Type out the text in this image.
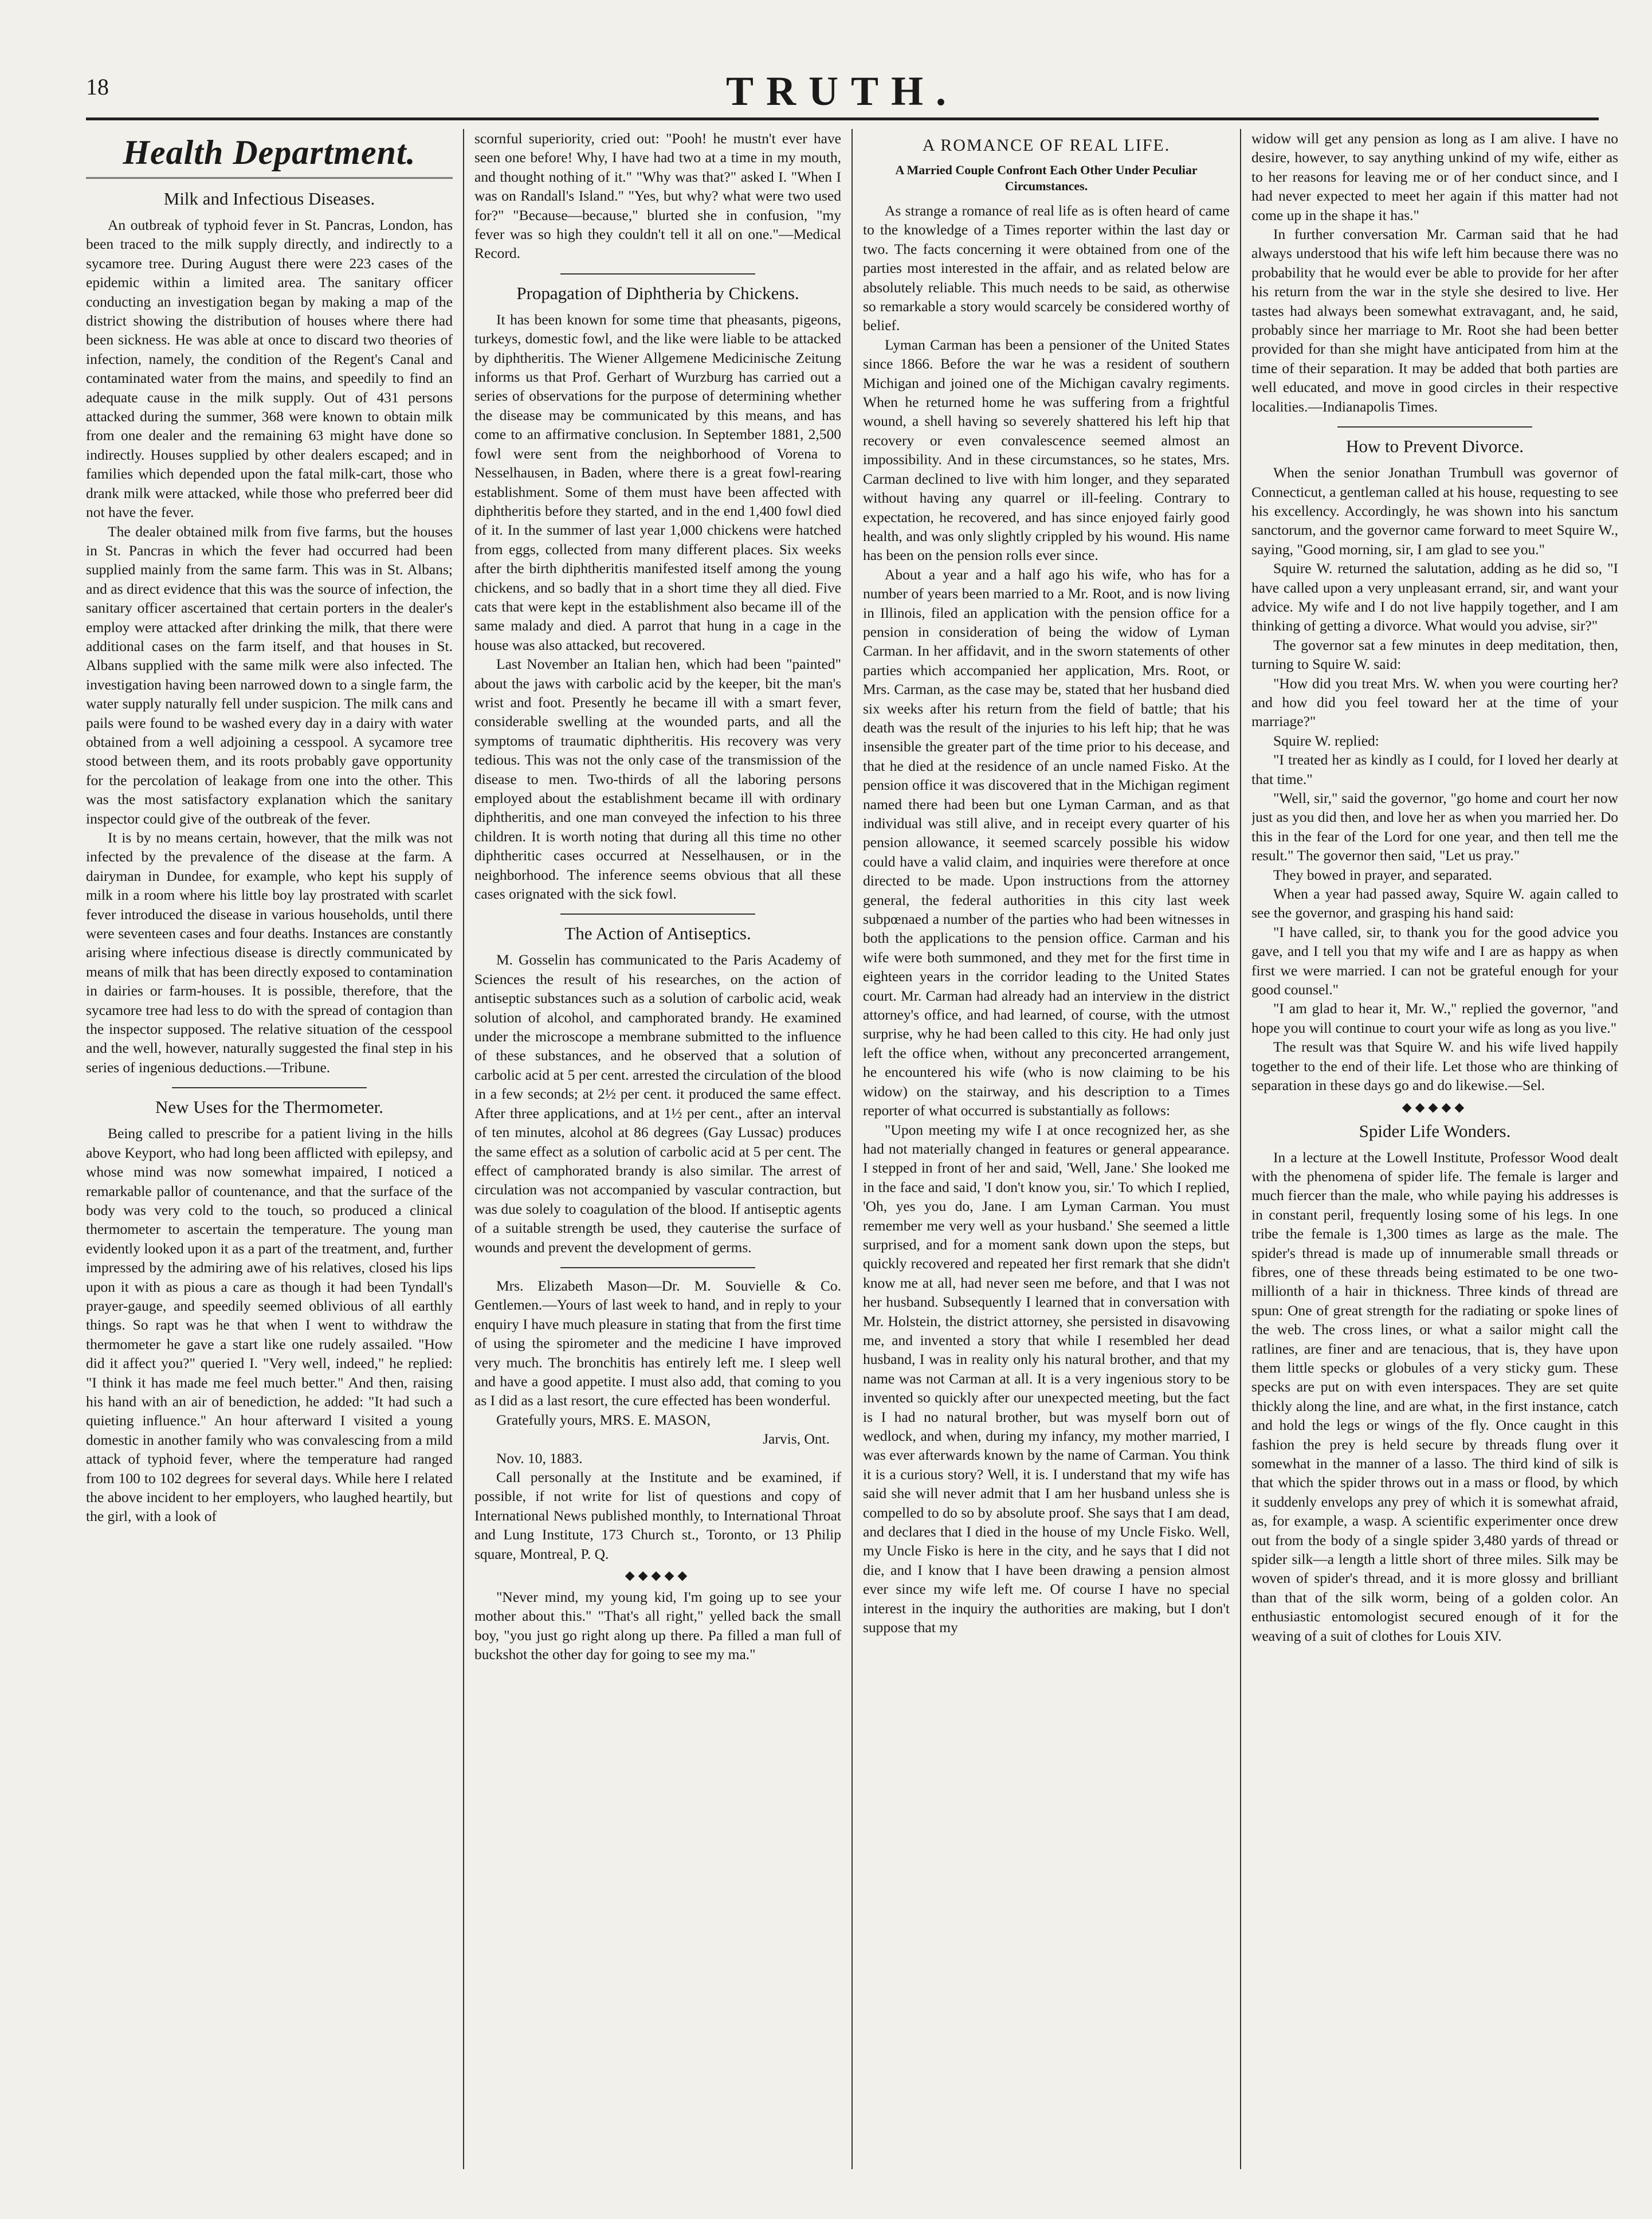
18	TRUTH.
Health Department.
Milk and Infectious Diseases.

An outbreak of typhoid fever in St. Pancras, London, has been traced to the milk supply directly, and indirectly to a sycamore tree. During August there were 223 cases of the epidemic within a limited area. The sanitary officer conducting an investigation began by making a map of the district showing the distribution of houses where there had been sickness. He was able at once to discard two theories of infection, namely, the condition of the Regent's Canal and contaminated water from the mains, and speedily to find an adequate cause in the milk supply. Out of 431 persons attacked during the summer, 368 were known to obtain milk from one dealer and the remaining 63 might have done so indirectly. Houses supplied by other dealers escaped; and in families which depended upon the fatal milk-cart, those who drank milk were attacked, while those who preferred beer did not have the fever.

The dealer obtained milk from five farms, but the houses in St. Pancras in which the fever had occurred had been supplied mainly from the same farm. This was in St. Albans; and as direct evidence that this was the source of infection, the sanitary officer ascertained that certain porters in the dealer's employ were attacked after drinking the milk, that there were additional cases on the farm itself, and that houses in St. Albans supplied with the same milk were also infected. The investigation having been narrowed down to a single farm, the water supply naturally fell under suspicion. The milk cans and pails were found to be washed every day in a dairy with water obtained from a well adjoining a cesspool. A sycamore tree stood between them, and its roots probably gave opportunity for the percolation of leakage from one into the other. This was the most satisfactory explanation which the sanitary inspector could give of the outbreak of the fever.

It is by no means certain, however, that the milk was not infected by the prevalence of the disease at the farm. A dairyman in Dundee, for example, who kept his supply of milk in a room where his little boy lay prostrated with scarlet fever introduced the disease in various households, until there were seventeen cases and four deaths. Instances are constantly arising where infectious disease is directly communicated by means of milk that has been directly exposed to contamination in dairies or farm-houses. It is possible, therefore, that the sycamore tree had less to do with the spread of contagion than the inspector supposed. The relative situation of the cesspool and the well, however, naturally suggested the final step in his series of ingenious deductions.—Tribune.

New Uses for the Thermometer.

Being called to prescribe for a patient living in the hills above Keyport, who had long been afflicted with epilepsy, and whose mind was now somewhat impaired, I noticed a remarkable pallor of countenance, and that the surface of the body was very cold to the touch, so produced a clinical thermometer to ascertain the temperature. The young man evidently looked upon it as a part of the treatment, and, further impressed by the admiring awe of his relatives, closed his lips upon it with as pious a care as though it had been Tyndall's prayer-gauge, and speedily seemed oblivious of all earthly things. So rapt was he that when I went to withdraw the thermometer he gave a start like one rudely assailed. "How did it affect you?" queried I. "Very well, indeed," he replied: "I think it has made me feel much better." And then, raising his hand with an air of benediction, he added: "It had such a quieting influence." An hour afterward I visited a young domestic in another family who was convalescing from a mild attack of typhoid fever, where the temperature had ranged from 100 to 102 degrees for several days. While here I related the above incident to her employers, who laughed heartily, but the girl, with a look of

scornful superiority, cried out: "Pooh! he mustn't ever have seen one before! Why, I have had two at a time in my mouth, and thought nothing of it." "Why was that?" asked I. "When I was on Randall's Island." "Yes, but why? what were two used for?" "Because—because," blurted she in confusion, "my fever was so high they couldn't tell it all on one."—Medical Record.

Propagation of Diphtheria by Chickens.

It has been known for some time that pheasants, pigeons, turkeys, domestic fowl, and the like were liable to be attacked by diphtheritis. The Wiener Allgemene Medicinische Zeitung informs us that Prof. Gerhart of Wurzburg has carried out a series of observations for the purpose of determining whether the disease may be communicated by this means, and has come to an affirmative conclusion. In September 1881, 2,500 fowl were sent from the neighborhood of Vorena to Nesselhausen, in Baden, where there is a great fowl-rearing establishment. Some of them must have been affected with diphtheritis before they started, and in the end 1,400 fowl died of it. In the summer of last year 1,000 chickens were hatched from eggs, collected from many different places. Six weeks after the birth diphtheritis manifested itself among the young chickens, and so badly that in a short time they all died. Five cats that were kept in the establishment also became ill of the same malady and died. A parrot that hung in a cage in the house was also attacked, but recovered.

Last November an Italian hen, which had been "painted" about the jaws with carbolic acid by the keeper, bit the man's wrist and foot. Presently he became ill with a smart fever, considerable swelling at the wounded parts, and all the symptoms of traumatic diphtheritis. His recovery was very tedious. This was not the only case of the transmission of the disease to men. Two-thirds of all the laboring persons employed about the establishment became ill with ordinary diphtheritis, and one man conveyed the infection to his three children. It is worth noting that during all this time no other diphtheritic cases occurred at Nesselhausen, or in the neighborhood. The inference seems obvious that all these cases orignated with the sick fowl.

The Action of Antiseptics.

M. Gosselin has communicated to the Paris Academy of Sciences the result of his researches, on the action of antiseptic substances such as a solution of carbolic acid, weak solution of alcohol, and camphorated brandy. He examined under the microscope a membrane submitted to the influence of these substances, and he observed that a solution of carbolic acid at 5 per cent. arrested the circulation of the blood in a few seconds; at 2½ per cent. it produced the same effect. After three applications, and at 1½ per cent., after an interval of ten minutes, alcohol at 86 degrees (Gay Lussac) produces the same effect as a solution of carbolic acid at 5 per cent. The effect of camphorated brandy is also similar. The arrest of circulation was not accompanied by vascular contraction, but was due solely to coagulation of the blood. If antiseptic agents of a suitable strength be used, they cauterise the surface of wounds and prevent the development of germs.

Mrs. Elizabeth Mason—Dr. M. Souvielle & Co. Gentlemen.—Yours of last week to hand, and in reply to your enquiry I have much pleasure in stating that from the first time of using the spirometer and the medicine I have improved very much. The bronchitis has entirely left me. I sleep well and have a good appetite. I must also add, that coming to you as I did as a last resort, the cure effected has been wonderful.

Gratefully yours, MRS. E. MASON,

Jarvis, Ont.

Nov. 10, 1883.

Call personally at the Institute and be examined, if possible, if not write for list of questions and copy of International News published monthly, to International Throat and Lung Institute, 173 Church st., Toronto, or 13 Philip square, Montreal, P. Q.

◆◆◆◆◆

"Never mind, my young kid, I'm going up to see your mother about this." "That's all right," yelled back the small boy, "you just go right along up there. Pa filled a man full of buckshot the other day for going to see my ma."

A ROMANCE OF REAL LIFE.
A Married Couple Confront Each Other Under Peculiar Circumstances.

As strange a romance of real life as is often heard of came to the knowledge of a Times reporter within the last day or two. The facts concerning it were obtained from one of the parties most interested in the affair, and as related below are absolutely reliable. This much needs to be said, as otherwise so remarkable a story would scarcely be considered worthy of belief.

Lyman Carman has been a pensioner of the United States since 1866. Before the war he was a resident of southern Michigan and joined one of the Michigan cavalry regiments. When he returned home he was suffering from a frightful wound, a shell having so severely shattered his left hip that recovery or even convalescence seemed almost an impossibility. And in these circumstances, so he states, Mrs. Carman declined to live with him longer, and they separated without having any quarrel or ill-feeling. Contrary to expectation, he recovered, and has since enjoyed fairly good health, and was only slightly crippled by his wound. His name has been on the pension rolls ever since.

About a year and a half ago his wife, who has for a number of years been married to a Mr. Root, and is now living in Illinois, filed an application with the pension office for a pension in consideration of being the widow of Lyman Carman. In her affidavit, and in the sworn statements of other parties which accompanied her application, Mrs. Root, or Mrs. Carman, as the case may be, stated that her husband died six weeks after his return from the field of battle; that his death was the result of the injuries to his left hip; that he was insensible the greater part of the time prior to his decease, and that he died at the residence of an uncle named Fisko. At the pension office it was discovered that in the Michigan regiment named there had been but one Lyman Carman, and as that individual was still alive, and in receipt every quarter of his pension allowance, it seemed scarcely possible his widow could have a valid claim, and inquiries were therefore at once directed to be made. Upon instructions from the attorney general, the federal authorities in this city last week subpœnaed a number of the parties who had been witnesses in both the applications to the pension office. Carman and his wife were both summoned, and they met for the first time in eighteen years in the corridor leading to the United States court. Mr. Carman had already had an interview in the district attorney's office, and had learned, of course, with the utmost surprise, why he had been called to this city. He had only just left the office when, without any preconcerted arrangement, he encountered his wife (who is now claiming to be his widow) on the stairway, and his description to a Times reporter of what occurred is substantially as follows:

"Upon meeting my wife I at once recognized her, as she had not materially changed in features or general appearance. I stepped in front of her and said, 'Well, Jane.' She looked me in the face and said, 'I don't know you, sir.' To which I replied, 'Oh, yes you do, Jane. I am Lyman Carman. You must remember me very well as your husband.' She seemed a little surprised, and for a moment sank down upon the steps, but quickly recovered and repeated her first remark that she didn't know me at all, had never seen me before, and that I was not her husband. Subsequently I learned that in conversation with Mr. Holstein, the district attorney, she persisted in disavowing me, and invented a story that while I resembled her dead husband, I was in reality only his natural brother, and that my name was not Carman at all. It is a very ingenious story to be invented so quickly after our unexpected meeting, but the fact is I had no natural brother, but was myself born out of wedlock, and when, during my infancy, my mother married, I was ever afterwards known by the name of Carman. You think it is a curious story? Well, it is. I understand that my wife has said she will never admit that I am her husband unless she is compelled to do so by absolute proof. She says that I am dead, and declares that I died in the house of my Uncle Fisko. Well, my Uncle Fisko is here in the city, and he says that I did not die, and I know that I have been drawing a pension almost ever since my wife left me. Of course I have no special interest in the inquiry the authorities are making, but I don't suppose that my

widow will get any pension as long as I am alive. I have no desire, however, to say anything unkind of my wife, either as to her reasons for leaving me or of her conduct since, and I had never expected to meet her again if this matter had not come up in the shape it has."

In further conversation Mr. Carman said that he had always understood that his wife left him because there was no probability that he would ever be able to provide for her after his return from the war in the style she desired to live. Her tastes had always been somewhat extravagant, and, he said, probably since her marriage to Mr. Root she had been better provided for than she might have anticipated from him at the time of their separation. It may be added that both parties are well educated, and move in good circles in their respective localities.—Indianapolis Times.

How to Prevent Divorce.

When the senior Jonathan Trumbull was governor of Connecticut, a gentleman called at his house, requesting to see his excellency. Accordingly, he was shown into his sanctum sanctorum, and the governor came forward to meet Squire W., saying, "Good morning, sir, I am glad to see you."

Squire W. returned the salutation, adding as he did so, "I have called upon a very unpleasant errand, sir, and want your advice. My wife and I do not live happily together, and I am thinking of getting a divorce. What would you advise, sir?"

The governor sat a few minutes in deep meditation, then, turning to Squire W. said:

"How did you treat Mrs. W. when you were courting her? and how did you feel toward her at the time of your marriage?"

Squire W. replied:

"I treated her as kindly as I could, for I loved her dearly at that time."

"Well, sir," said the governor, "go home and court her now just as you did then, and love her as when you married her. Do this in the fear of the Lord for one year, and then tell me the result." The governor then said, "Let us pray."

They bowed in prayer, and separated.

When a year had passed away, Squire W. again called to see the governor, and grasping his hand said:

"I have called, sir, to thank you for the good advice you gave, and I tell you that my wife and I are as happy as when first we were married. I can not be grateful enough for your good counsel."

"I am glad to hear it, Mr. W.," replied the governor, "and hope you will continue to court your wife as long as you live."

The result was that Squire W. and his wife lived happily together to the end of their life. Let those who are thinking of separation in these days go and do likewise.—Sel.

◆◆◆◆◆
Spider Life Wonders.

In a lecture at the Lowell Institute, Professor Wood dealt with the phenomena of spider life. The female is larger and much fiercer than the male, who while paying his addresses is in constant peril, frequently losing some of his legs. In one tribe the female is 1,300 times as large as the male. The spider's thread is made up of innumerable small threads or fibres, one of these threads being estimated to be one two-millionth of a hair in thickness. Three kinds of thread are spun: One of great strength for the radiating or spoke lines of the web. The cross lines, or what a sailor might call the ratlines, are finer and are tenacious, that is, they have upon them little specks or globules of a very sticky gum. These specks are put on with even interspaces. They are set quite thickly along the line, and are what, in the first instance, catch and hold the legs or wings of the fly. Once caught in this fashion the prey is held secure by threads flung over it somewhat in the manner of a lasso. The third kind of silk is that which the spider throws out in a mass or flood, by which it suddenly envelops any prey of which it is somewhat afraid, as, for example, a wasp. A scientific experimenter once drew out from the body of a single spider 3,480 yards of thread or spider silk—a length a little short of three miles. Silk may be woven of spider's thread, and it is more glossy and brilliant than that of the silk worm, being of a golden color. An enthusiastic entomologist secured enough of it for the weaving of a suit of clothes for Louis XIV.
